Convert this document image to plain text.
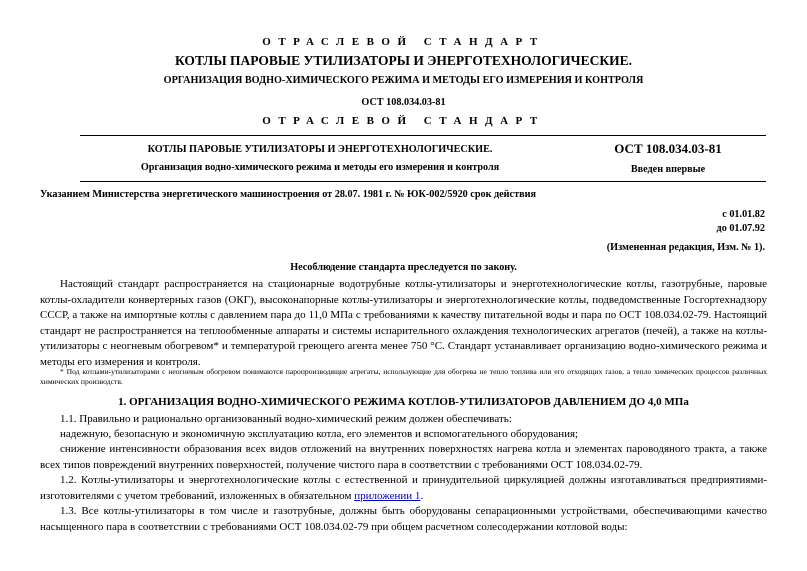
ОТРАСЛЕВОЙ СТАНДАРТ
КОТЛЫ ПАРОВЫЕ УТИЛИЗАТОРЫ И ЭНЕРГОТЕХНОЛОГИЧЕСКИЕ.
ОРГАНИЗАЦИЯ ВОДНО-ХИМИЧЕСКОГО РЕЖИМА И МЕТОДЫ ЕГО ИЗМЕРЕНИЯ И КОНТРОЛЯ
ОСТ 108.034.03-81
ОТРАСЛЕВОЙ СТАНДАРТ
КОТЛЫ ПАРОВЫЕ УТИЛИЗАТОРЫ И ЭНЕРГОТЕХНОЛОГИЧЕСКИЕ.	ОСТ 108.034.03-81
Организация водно-химического режима и методы его измерения и контроля	Введен впервые
Указанием Министерства энергетического машиностроения от 28.07. 1981 г. № ЮК-002/5920 срок действия
с 01.01.82
до 01.07.92
(Измененная редакция, Изм. № 1).
Несоблюдение стандарта преследуется по закону.

Настоящий стандарт распространяется на стационарные водотрубные котлы-утилизаторы и энерготехнологические котлы, газотрубные, паровые котлы-охладители конвертерных газов (ОКГ), высоконапорные котлы-утилизаторы и энерготехнологические котлы, подведомственные Госгортехнадзору СССР, а также на импортные котлы с давлением пара до 11,0 МПа с требованиями к качеству питательной воды и пара по ОСТ 108.034.02-79. Настоящий стандарт не распространяется на теплообменные аппараты и системы испарительного охлаждения технологических агрегатов (печей), а также на котлы-утилизаторы с неогневым обогревом* и температурой греющего агента менее 750 °С. Стандарт устанавливает организацию водно-химического режима и методы его измерения и контроля.

* Под котлами-утилизаторами с неогневым обогревом понимаются паропроизводящие агрегаты, использующие для обогрева не тепло топлива или его отходящих газов, а тепло химических процессов различных химических производств.

1. ОРГАНИЗАЦИЯ ВОДНО-ХИМИЧЕСКОГО РЕЖИМА КОТЛОВ-УТИЛИЗАТОРОВ ДАВЛЕНИЕМ ДО 4,0 МПа

1.1. Правильно и рационально организованный водно-химический режим должен обеспечивать:

надежную, безопасную и экономичную эксплуатацию котла, его элементов и вспомогательного оборудования;

снижение интенсивности образования всех видов отложений на внутренних поверхностях нагрева котла и элементах пароводяного тракта, а также всех типов повреждений внутренних поверхностей, получение чистого пара в соответствии с требованиями ОСТ 108.034.02-79.

1.2. Котлы-утилизаторы и энерготехнологические котлы с естественной и принудительной циркуляцией должны изготавливаться предприятиями-изготовителями с учетом требований, изложенных в обязательном приложении 1.

1.3. Все котлы-утилизаторы в том числе и газотрубные, должны быть оборудованы сепарационными устройствами, обеспечивающими качество насыщенного пара в соответствии с требованиями ОСТ 108.034.02-79 при общем расчетном солесодержании котловой воды:
